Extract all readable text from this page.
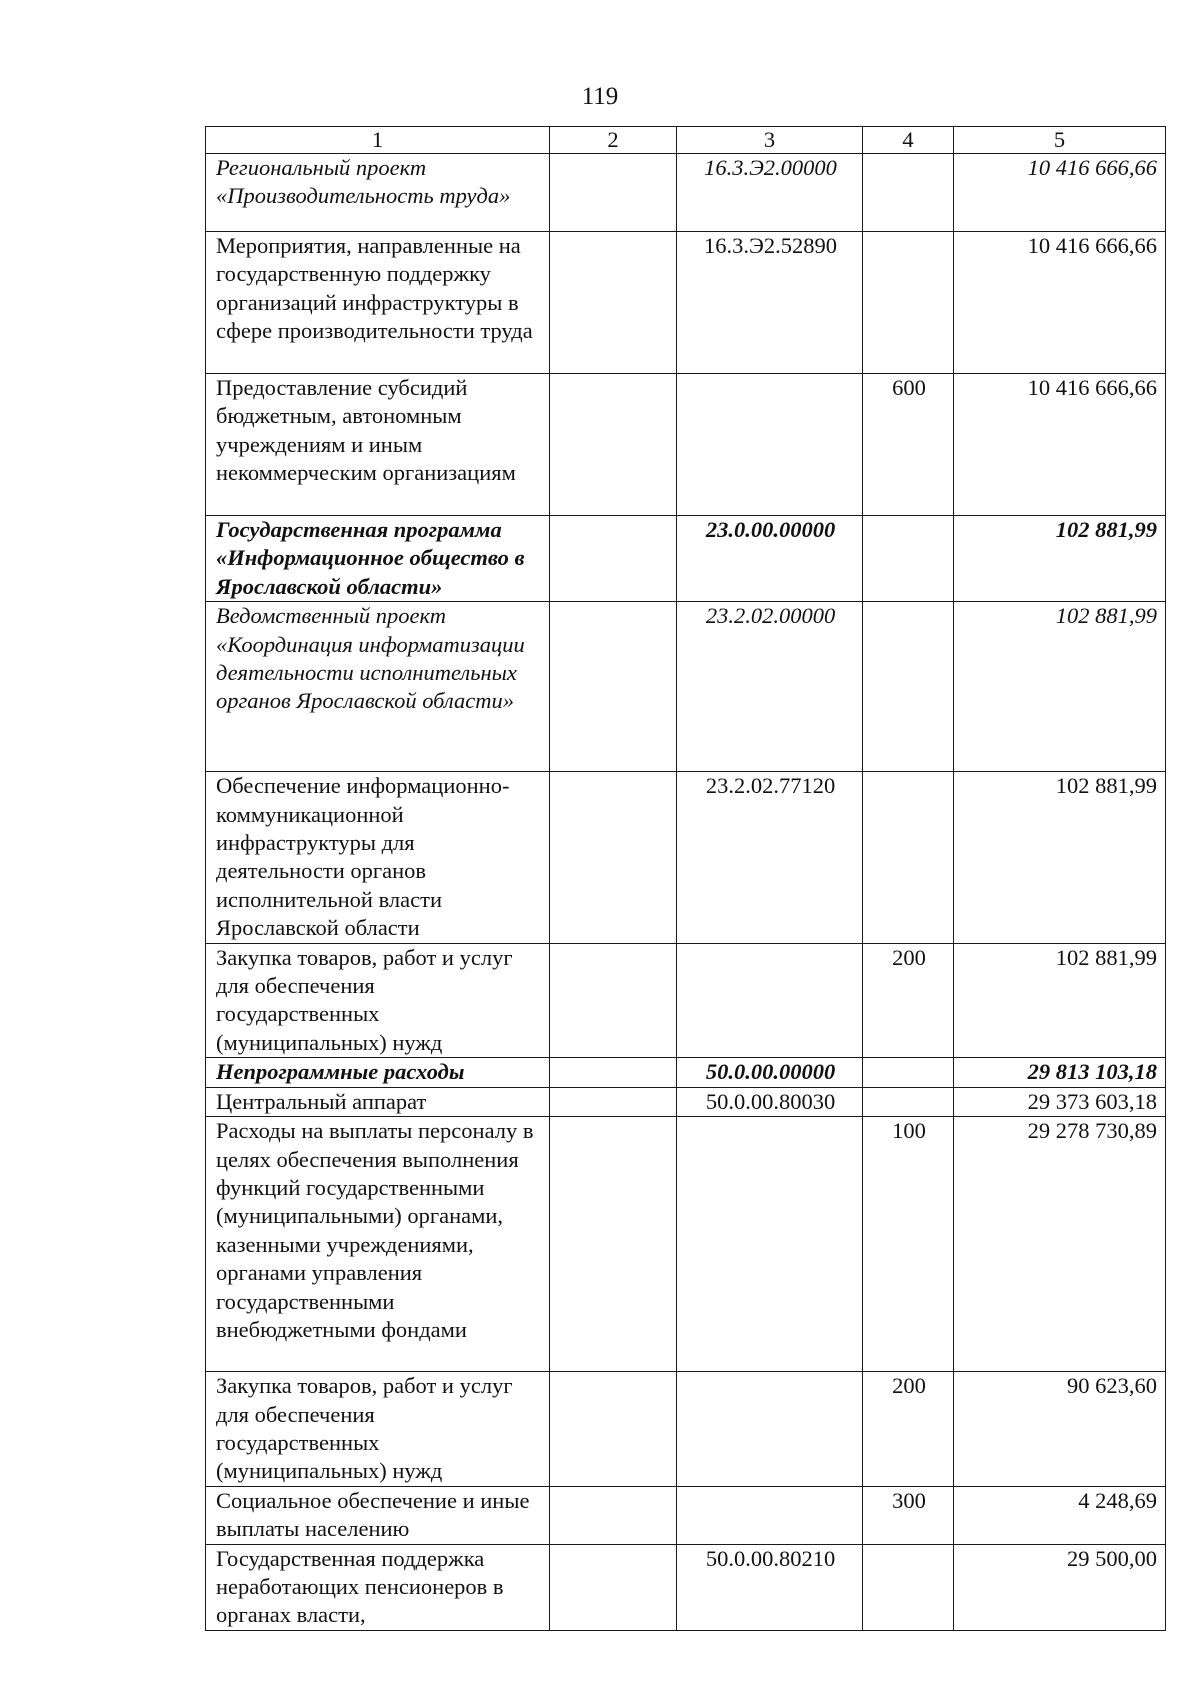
119
1	2	3	4	5
Региональный проект «Производительность труда»		16.3.Э2.00000		10 416 666,66
Мероприятия, направленные на государственную поддержку организаций инфраструктуры в сфере производительности труда		16.3.Э2.52890		10 416 666,66
Предоставление субсидий бюджетным, автономным учреждениям и иным некоммерческим организациям			600	10 416 666,66
Государственная программа «Информационное общество в Ярославской области»		23.0.00.00000		102 881,99
Ведомственный проект «Координация информатизации деятельности исполнительных органов Ярославской области»		23.2.02.00000		102 881,99
Обеспечение информационно-коммуникационной инфраструктуры для деятельности органов исполнительной власти Ярославской области		23.2.02.77120		102 881,99
Закупка товаров, работ и услуг для обеспечения государственных (муниципальных) нужд			200	102 881,99
Непрограммные расходы		50.0.00.00000		29 813 103,18
Центральный аппарат		50.0.00.80030		29 373 603,18
Расходы на выплаты персоналу в целях обеспечения выполнения функций государственными (муниципальными) органами, казенными учреждениями, органами управления государственными внебюджетными фондами			100	29 278 730,89
Закупка товаров, работ и услуг для обеспечения государственных (муниципальных) нужд			200	90 623,60
Социальное обеспечение и иные выплаты населению			300	4 248,69
Государственная поддержка неработающих пенсионеров в органах власти,		50.0.00.80210		29 500,00
